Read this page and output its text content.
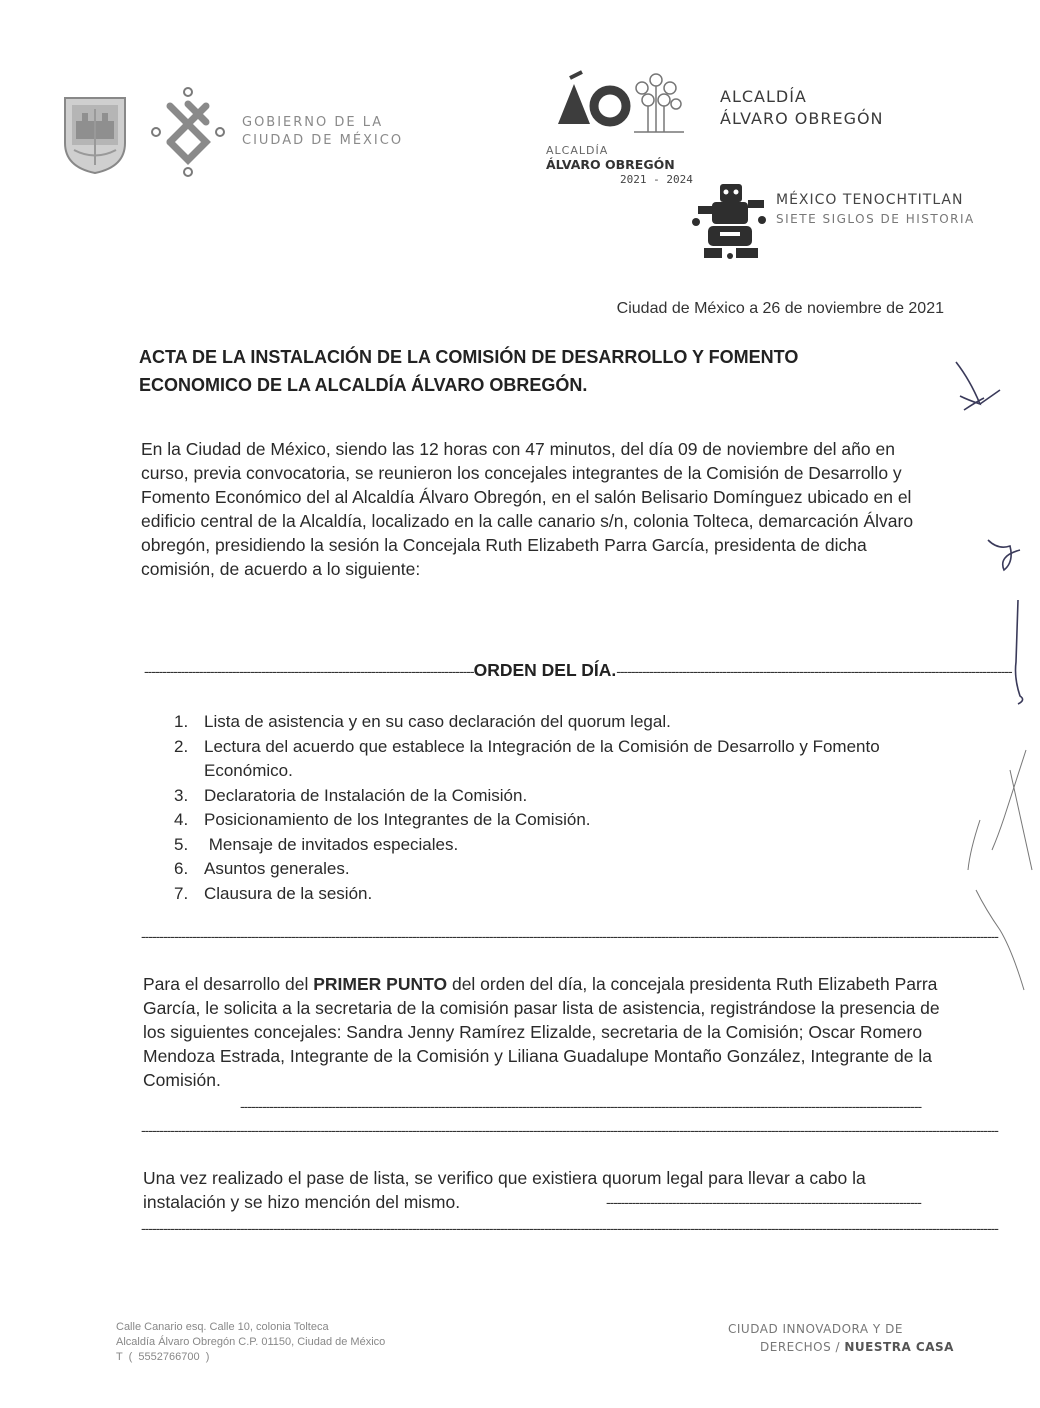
GOBIERNO DE LA
CIUDAD DE MÉXICO
ALCALDÍA
ÁLVARO OBREGÓN
2021 - 2024
ALCALDÍA
ÁLVARO OBREGÓN
MÉXICO TENOCHTITLAN
SIETE SIGLOS DE HISTORIA
Ciudad de México a 26 de noviembre de 2021
ACTA DE LA INSTALACIÓN DE LA COMISIÓN DE DESARROLLO Y FOMENTO
ECONOMICO DE LA ALCALDÍA ÁLVARO OBREGÓN.
En la Ciudad de México, siendo las 12 horas con 47 minutos, del día 09 de noviembre del año en curso, previa convocatoria, se reunieron los concejales integrantes de la Comisión de Desarrollo y Fomento Económico del al Alcaldía Álvaro Obregón, en el salón Belisario Domínguez ubicado en el edificio central de la Alcaldía, localizado en la calle canario s/n, colonia Tolteca, demarcación Álvaro obregón, presidiendo la sesión la Concejala Ruth Elizabeth Parra García, presidenta de dicha comisión, de acuerdo a lo siguiente:
------------------------------------------------------------------------------------------ ORDEN DEL DÍA. ------------------------------------------------------------------------------------------------------------
1. Lista de asistencia y en su caso declaración del quorum legal.
2. Lectura del acuerdo que establece la Integración de la Comisión de Desarrollo y Fomento Económico.
3. Declaratoria de Instalación de la Comisión.
4. Posicionamiento de los Integrantes de la Comisión.
5. Mensaje de invitados especiales.
6. Asuntos generales.
7. Clausura de la sesión.
------------------------------------------------------------------------------------------------------------------------------------------------------------------------------------------------------------------------------------------
Para el desarrollo del PRIMER PUNTO del orden del día, la concejala presidenta Ruth Elizabeth Parra García, le solicita a la secretaria de la comisión pasar lista de asistencia, registrándose la presencia de los siguientes concejales: Sandra Jenny Ramírez Elizalde, secretaria de la Comisión; Oscar Romero Mendoza Estrada, Integrante de la Comisión y Liliana Guadalupe Montaño González, Integrante de la Comisión.
------------------------------------------------------------------------------------------------------------------------------------------------------------------------------------------
------------------------------------------------------------------------------------------------------------------------------------------------------------------------------------------------------------------------------------------
Una vez realizado el pase de lista, se verifico que existiera quorum legal para llevar a cabo la instalación y se hizo mención del mismo.	--------------------------------------------------------------------------------------
------------------------------------------------------------------------------------------------------------------------------------------------------------------------------------------------------------------------------------------
Calle Canario esq. Calle 10, colonia Tolteca
Alcaldía Álvaro Obregón C.P. 01150, Ciudad de México
T  (  5552766700  )
CIUDAD INNOVADORA Y DE
DERECHOS / NUESTRA CASA
